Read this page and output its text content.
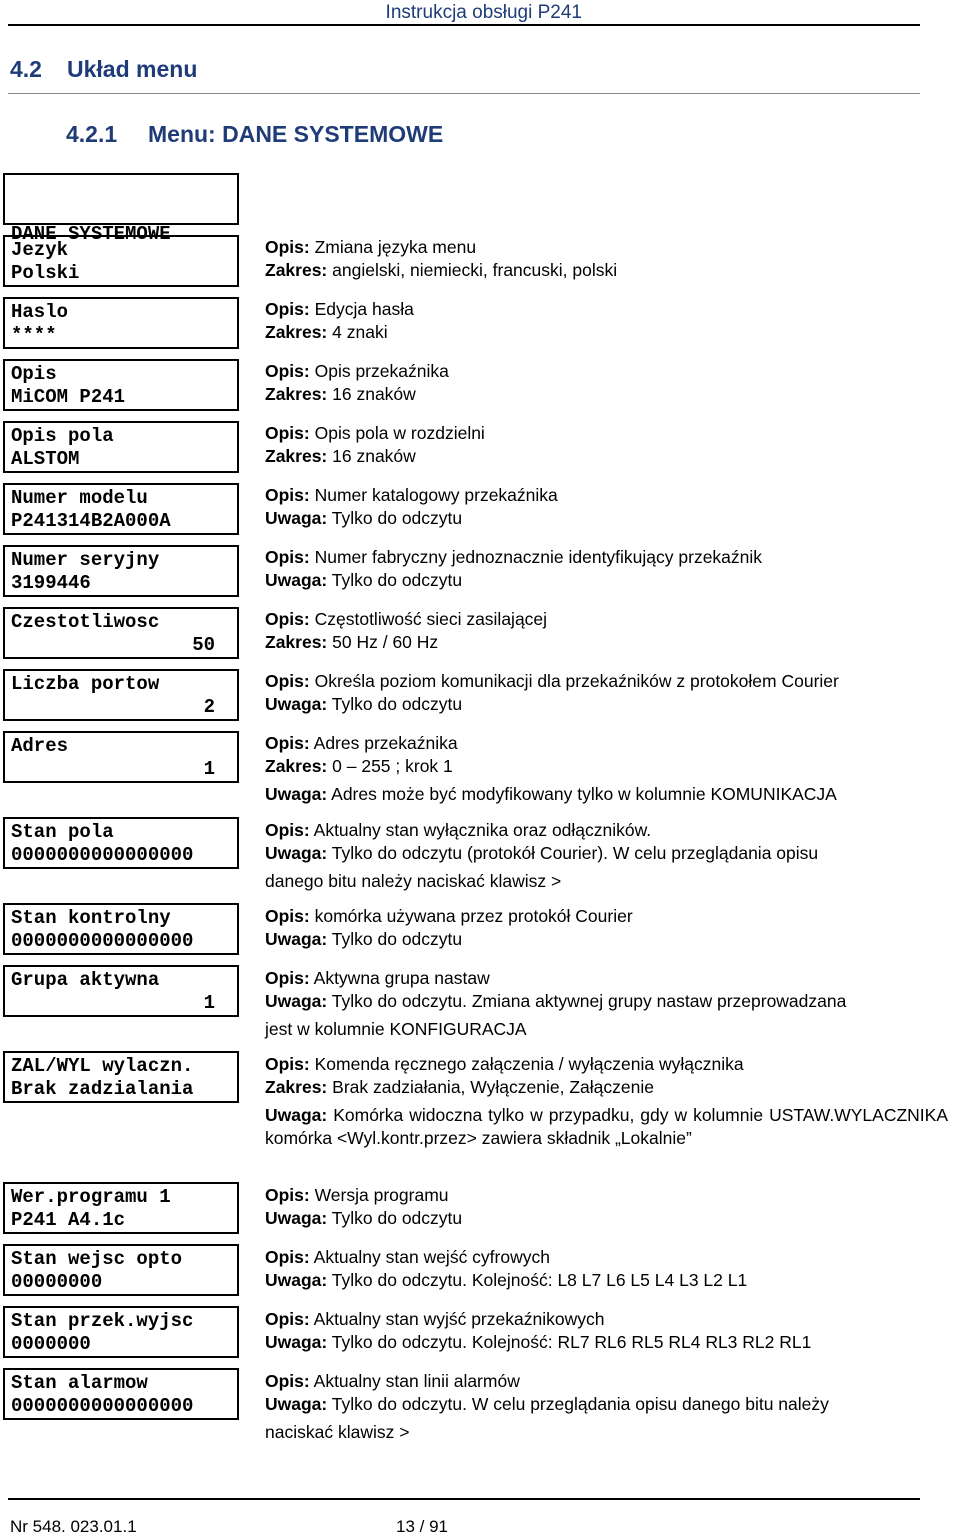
Instrukcja obsługi P241
4.2 Układ menu
4.2.1 Menu: DANE SYSTEMOWE

DANE SYSTEMOWE

Jezyk
Polski
Haslo
****
Opis
MiCOM P241
Opis pola
ALSTOM
Numer modelu
P241314B2A000A
Numer seryjny
3199446
Czestotliwosc
50
Liczba portow
2
Adres
1
Stan pola
0000000000000000
Stan kontrolny
0000000000000000
Grupa aktywna
1
ZAL/WYL wylaczn.
Brak zadzialania
Wer.programu 1
P241 A4.1c
Stan wejsc opto
00000000
Stan przek.wyjsc
0000000
Stan alarmow
0000000000000000
Opis: Zmiana języka menu
Zakres: angielski, niemiecki, francuski, polski
Opis: Edycja hasła
Zakres: 4 znaki
Opis: Opis przekaźnika
Zakres: 16 znaków
Opis: Opis pola w rozdzielni
Zakres: 16 znaków
Opis: Numer katalogowy przekaźnika
Uwaga: Tylko do odczytu
Opis: Numer fabryczny jednoznacznie identyfikujący przekaźnik
Uwaga: Tylko do odczytu
Opis: Częstotliwość sieci zasilającej
Zakres: 50 Hz / 60 Hz
Opis: Określa poziom komunikacji dla przekaźników z protokołem Courier
Uwaga: Tylko do odczytu
Opis: Adres przekaźnika
Zakres: 0 – 255 ; krok 1
Uwaga: Adres może być modyfikowany tylko w kolumnie KOMUNIKACJA
Opis: Aktualny stan wyłącznika oraz odłączników.
Uwaga: Tylko do odczytu (protokół Courier). W celu przeglądania opisu
danego bitu należy naciskać klawisz >
Opis: komórka używana przez protokół Courier
Uwaga: Tylko do odczytu
Opis: Aktywna grupa nastaw
Uwaga: Tylko do odczytu. Zmiana aktywnej grupy nastaw przeprowadzana
jest w kolumnie KONFIGURACJA
Opis: Komenda ręcznego załączenia / wyłączenia wyłącznika
Zakres: Brak zadziałania, Wyłączenie, Załączenie
Uwaga: Komórka widoczna tylko w przypadku, gdy w kolumnie USTAW.WYLACZNIKA komórka <Wyl.kontr.przez> zawiera składnik „Lokalnie”
Opis: Wersja programu
Uwaga: Tylko do odczytu
Opis: Aktualny stan wejść cyfrowych
Uwaga: Tylko do odczytu. Kolejność: L8 L7 L6 L5 L4 L3 L2 L1
Opis: Aktualny stan wyjść przekaźnikowych
Uwaga: Tylko do odczytu. Kolejność: RL7 RL6 RL5 RL4 RL3 RL2 RL1
Opis: Aktualny stan linii alarmów
Uwaga: Tylko do odczytu. W celu przeglądania opisu danego bitu należy
naciskać klawisz >
Nr 548. 023.01.1	13 / 91
